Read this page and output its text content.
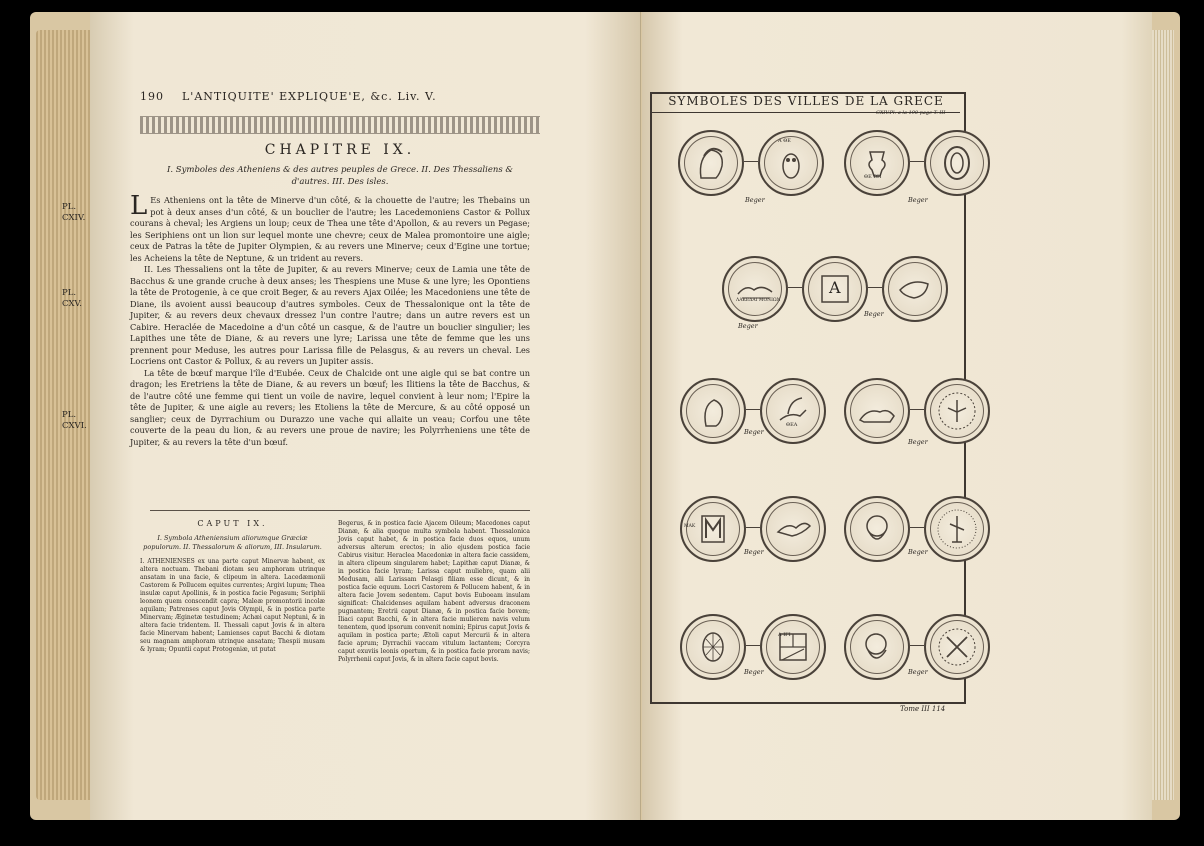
190 L'ANTIQUITE' EXPLIQUE'E, &c. Liv. V.
CHAPITRE IX.
I. Symboles des Atheniens & des autres peuples de Grece. II. Des Thessaliens & d'autres. III. Des isles.
PL. CXIV.
PL. CXV.
PL. CXVI.

L Es Atheniens ont la tête de Minerve d'un côté, & la chouette de l'autre; les Thebains un pot à deux anses d'un côté, & un bouclier de l'autre; les Lacedemoniens Castor & Pollux courans à cheval; les Argiens un loup; ceux de Thea une tête d'Apollon, & au revers un Pegase; les Seriphiens ont un lion sur lequel monte une chevre; ceux de Malea promontoire une aigle; ceux de Patras la tête de Jupiter Olympien, & au revers une Minerve; ceux d'Egine une tortue; les Acheiens la tête de Neptune, & un trident au revers.

II. Les Thessaliens ont la tête de Jupiter, & au revers Minerve; ceux de Lamia une tête de Bacchus & une grande cruche à deux anses; les Thespiens une Muse & une lyre; les Opontiens la tête de Protogenie, à ce que croit Beger, & au revers Ajax Oilée; les Macedoniens une tête de Diane, ils avoient aussi beaucoup d'autres symboles. Ceux de Thessalonique ont la tête de Jupiter, & au revers deux chevaux dressez l'un contre l'autre; dans un autre revers est un Cabire. Heraclée de Macedoine a d'un côté un casque, & de l'autre un bouclier singulier; les Lapithes une tête de Diane, & au revers une lyre; Larissa une tête de femme que les uns prennent pour Meduse, les autres pour Larissa fille de Pelasgus, & au revers un cheval. Les Locriens ont Castor & Pollux, & au revers un Jupiter assis.

La tête de bœuf marque l'île d'Eubée. Ceux de Chalcide ont une aigle qui se bat contre un dragon; les Eretriens la tête de Diane, & au revers un bœuf; les Ilitiens la tête de Bacchus, & de l'autre côté une femme qui tient un voile de navire, lequel convient à leur nom; l'Epire la tête de Jupiter, & une aigle au revers; les Etoliens la tête de Mercure, & au côté opposé un sanglier; ceux de Dyrrachium ou Durazzo une vache qui allaite un veau; Corfou une tête couverte de la peau du lion, & au revers une proue de navire; les Polyrrheniens une tête de Jupiter, & au revers la tête d'un bœuf.

CAPUT IX.
I. Symbola Atheniensium aliorumque Græciæ populorum. II. Thessalorum & aliorum, III. Insularum.
I. ATHENIENSES ex una parte caput Minervæ habent, ex altera noctuam. Thebani diotam seu amphoram utrinque ansatam in una facie, & clipeum in altera. Lacedæmonii Castorem & Pollucem equites currentes; Argivi lupum; Thea insulæ caput Apollinis, & in postica facie Pegasum; Seriphii leonem quem conscendit capra; Maleæ promontorii incolæ aquilam; Patrenses caput Jovis Olympii, & in postica parte Minervam; Æginetæ testudinem; Achæi caput Neptuni, & in altera facie tridentem. II. Thessali caput Jovis & in altera facie Minervam habent; Lamienses caput Bacchi & diotam seu magnam amphoram utrinque ansatam; Thespii musam & lyram; Opuntii caput Protogeniæ, ut putat
Begerus, & in postica facie Ajacem Oileum; Macedones caput Dianæ, & alia quoque multa symbola habent. Thessalonica Jovis caput habet, & in postica facie duos equos, unum adversus alterum erectos; in alio ejusdem postica facie Cabirus visitur. Heraclea Macedoniæ in altera facie cassidem, in altera clipeum singularem habet; Lapithæ caput Dianæ, & in postica facie lyram; Larissa caput muliebre, quam alii Medusam, alii Larissam Pelasgi filiam esse dicunt, & in postica facie equum. Locri Castorem & Pollucem habent, & in altera facie Jovem sedentem. Caput bovis Euboeam insulam significat: Chalcidenses aquilam habent adversus draconem pugnantem; Eretrii caput Dianæ, & in postica facie bovem; Iliaci caput Bacchi, & in altera facie mulierem navis velum tenentem, quod ipsorum convenit nomini; Epirus caput Jovis & aquilam in postica parte; Ætoli caput Mercurii & in altera facie aprum; Dyrrachii vaccam vitulum lactantem; Corcyra caput exuviis leonis opertum, & in postica facie proram navis; Polyrrhenii caput Jovis, & in altera facie caput bovis.
SYMBOLES DES VILLES DE LA GRECE
CXIV.Pl. a la 190 page T. III
Α ΘΕ
Beger
ΘΕ ΒΗ
Beger
ΛΑΚΕΔΑΙ ΜΟΝΙΩΝ
Α
Beger
Beger
ΘΕΑ
Beger
Beger
ΜΑΚ
Beger	Beger
Α ΙΓΙ
Beger	Beger
Tome III 114
